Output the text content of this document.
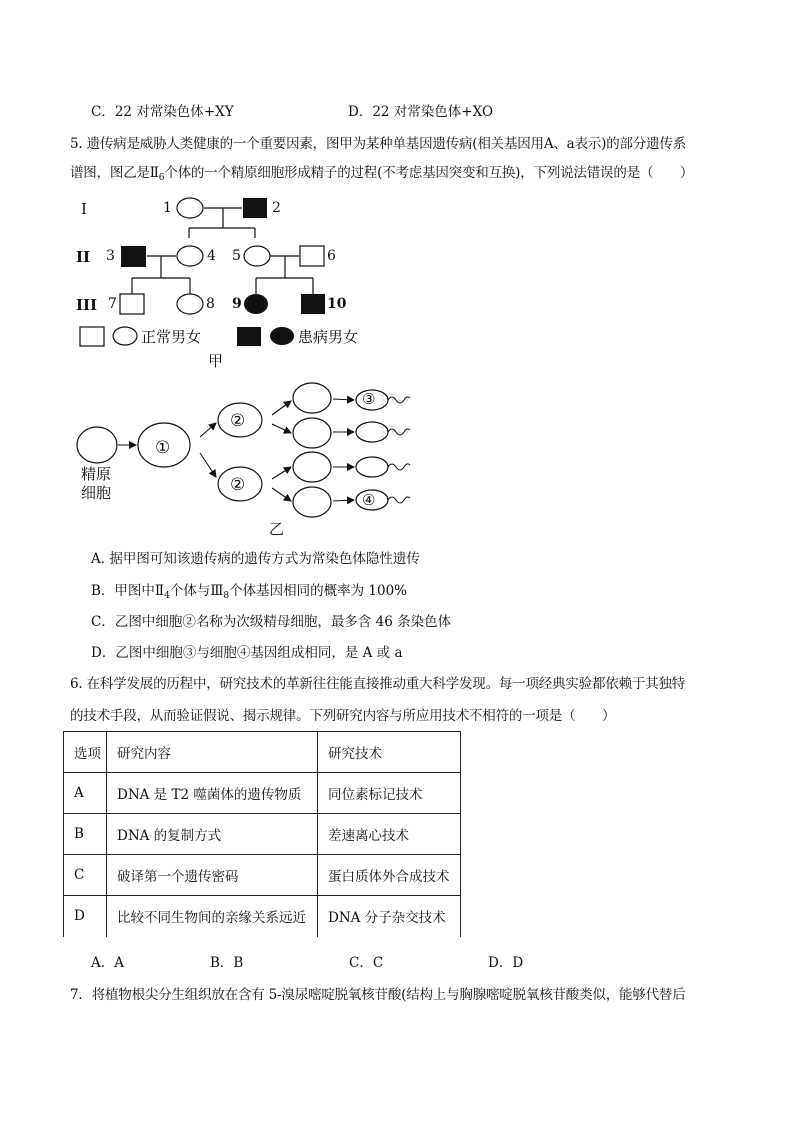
C．22 对常染色体+XY	D．22 对常染色体+XO
5. 遗传病是威胁人类健康的一个重要因素，图甲为某种单基因遗传病(相关基因用A、a表示)的部分遗传系
谱图，图乙是$Ⅱ_6$个体的一个精原细胞形成精子的过程(不考虑基因突变和互换)，下列说法错误的是（　　）
I
II
III
1	2
3	4 5	6
7	8 9	10
正常男女	患病男女
甲
①
②
②
③
④
精原
细胞
乙
A. 据甲图可知该遗传病的遗传方式为常染色体隐性遗传
B．甲图中$Ⅱ_4$个体与$Ⅲ_8$个体基因相同的概率为 100%
C．乙图中细胞②名称为次级精母细胞，最多含 46 条染色体
D．乙图中细胞③与细胞④基因组成相同，是 A 或 a
6. 在科学发展的历程中，研究技术的革新往往能直接推动重大科学发现。每一项经典实验都依赖于其独特
的技术手段，从而验证假说、揭示规律。下列研究内容与所应用技术不相符的一项是（　　）
选项	研究内容	研究技术
A	DNA 是 T2 噬菌体的遗传物质	同位素标记技术
B	DNA 的复制方式	差速离心技术
C	破译第一个遗传密码	蛋白质体外合成技术
D	比较不同生物间的亲缘关系远近	DNA 分子杂交技术
A．A	B．B	C．C	D．D
7．将植物根尖分生组织放在含有 5-溴尿嘧啶脱氧核苷酸(结构上与胸腺嘧啶脱氧核苷酸类似，能够代替后
